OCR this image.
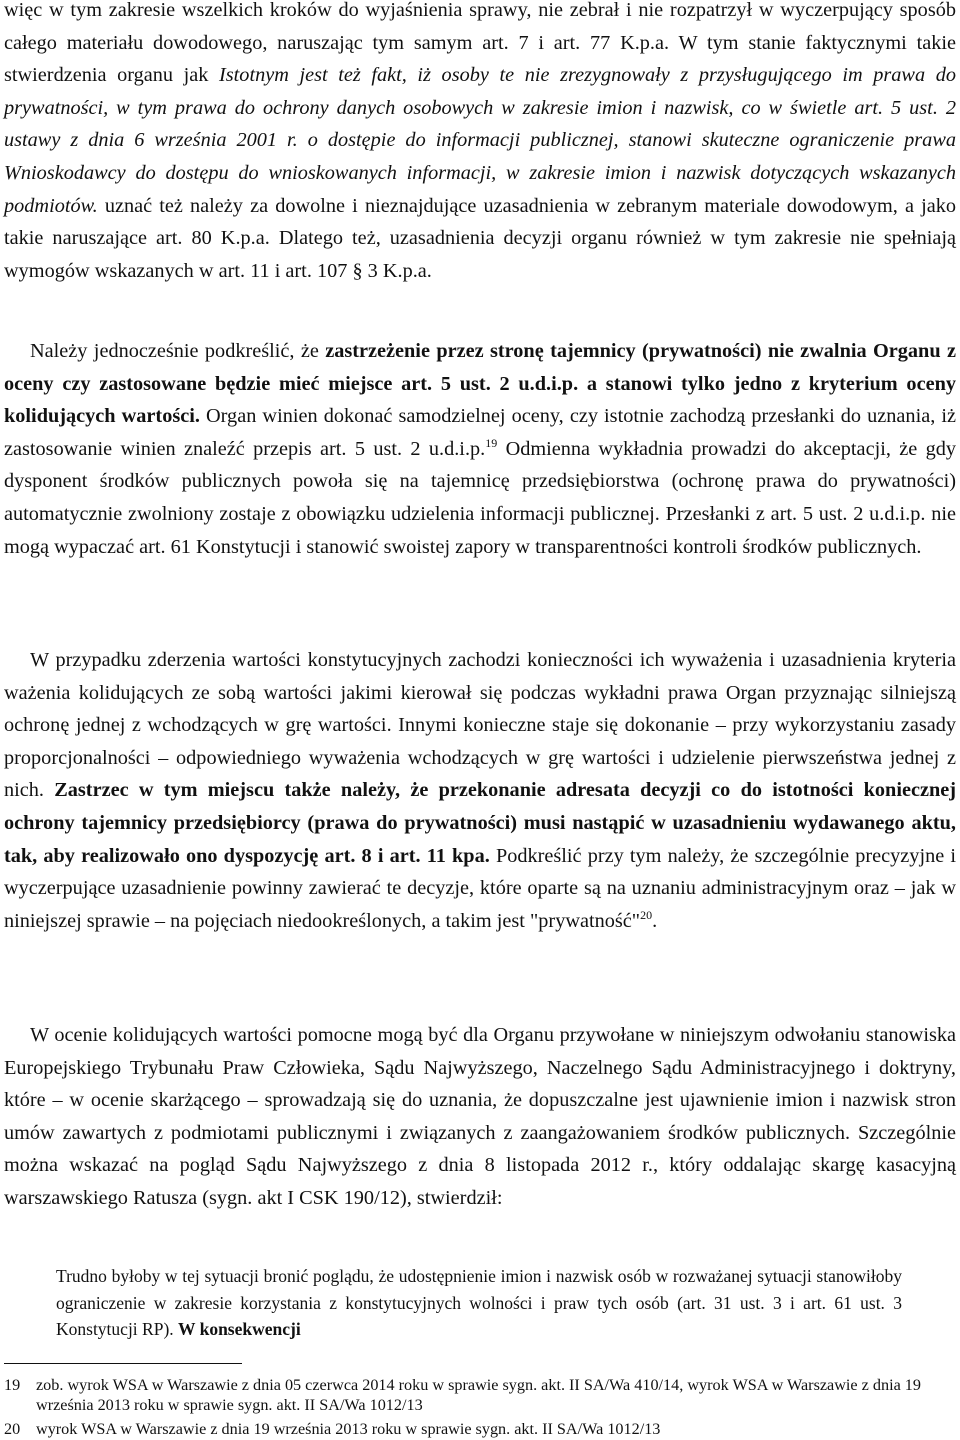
więc w tym zakresie wszelkich kroków do wyjaśnienia sprawy, nie zebrał i nie rozpatrzył w wyczerpujący sposób całego materiału dowodowego, naruszając tym samym art. 7 i art. 77 K.p.a. W tym stanie faktycznymi takie stwierdzenia organu jak Istotnym jest też fakt, iż osoby te nie zrezygnowały z przysługującego im prawa do prywatności, w tym prawa do ochrony danych osobowych w zakresie imion i nazwisk, co w świetle art. 5 ust. 2 ustawy z dnia 6 września 2001 r. o dostępie do informacji publicznej, stanowi skuteczne ograniczenie prawa Wnioskodawcy do dostępu do wnioskowanych informacji, w zakresie imion i nazwisk dotyczących wskazanych podmiotów. uznać też należy za dowolne i nieznajdujące uzasadnienia w zebranym materiale dowodowym, a jako takie naruszające art. 80 K.p.a. Dlatego też, uzasadnienia decyzji organu również w tym zakresie nie spełniają wymogów wskazanych w art. 11 i art. 107 § 3 K.p.a.

Należy jednocześnie podkreślić, że zastrzeżenie przez stronę tajemnicy (prywatności) nie zwalnia Organu z oceny czy zastosowane będzie mieć miejsce art. 5 ust. 2 u.d.i.p. a stanowi tylko jedno z kryterium oceny kolidujących wartości. Organ winien dokonać samodzielnej oceny, czy istotnie zachodzą przesłanki do uznania, iż zastosowanie winien znaleźć przepis art. 5 ust. 2 u.d.i.p.$^{19}$ Odmienna wykładnia prowadzi do akceptacji, że gdy dysponent środków publicznych powoła się na tajemnicę przedsiębiorstwa (ochronę prawa do prywatności) automatycznie zwolniony zostaje z obowiązku udzielenia informacji publicznej. Przesłanki z art. 5 ust. 2 u.d.i.p. nie mogą wypaczać art. 61 Konstytucji i stanowić swoistej zapory w transparentności kontroli środków publicznych.

W przypadku zderzenia wartości konstytucyjnych zachodzi konieczności ich wyważenia i uzasadnienia kryteria ważenia kolidujących ze sobą wartości jakimi kierował się podczas wykładni prawa Organ przyznając silniejszą ochronę jednej z wchodzących w grę wartości. Innymi konieczne staje się dokonanie – przy wykorzystaniu zasady proporcjonalności – odpowiedniego wyważenia wchodzących w grę wartości i udzielenie pierwszeństwa jednej z nich. Zastrzec w tym miejscu także należy, że przekonanie adresata decyzji co do istotności koniecznej ochrony tajemnicy przedsiębiorcy (prawa do prywatności) musi nastąpić w uzasadnieniu wydawanego aktu, tak, aby realizowało ono dyspozycję art. 8 i art. 11 kpa. Podkreślić przy tym należy, że szczególnie precyzyjne i wyczerpujące uzasadnienie powinny zawierać te decyzje, które oparte są na uznaniu administracyjnym oraz – jak w niniejszej sprawie – na pojęciach niedookreślonych, a takim jest "prywatność"$^{20}$.

W ocenie kolidujących wartości pomocne mogą być dla Organu przywołane w niniejszym odwołaniu stanowiska Europejskiego Trybunału Praw Człowieka, Sądu Najwyższego, Naczelnego Sądu Administracyjnego i doktryny, które – w ocenie skarżącego – sprowadzają się do uznania, że dopuszczalne jest ujawnienie imion i nazwisk stron umów zawartych z podmiotami publicznymi i związanych z zaangażowaniem środków publicznych. Szczególnie można wskazać na pogląd Sądu Najwyższego z dnia 8 listopada 2012 r., który oddalając skargę kasacyjną warszawskiego Ratusza (sygn. akt I CSK 190/12), stwierdził:

Trudno byłoby w tej sytuacji bronić poglądu, że udostępnienie imion i nazwisk osób w rozważanej sytuacji stanowiłoby ograniczenie w zakresie korzystania z konstytucyjnych wolności i praw tych osób (art. 31 ust. 3 i art. 61 ust. 3 Konstytucji RP). W konsekwencji

19 zob. wyrok WSA w Warszawie z dnia 05 czerwca 2014 roku w sprawie sygn. akt. II SA/Wa 410/14, wyrok WSA w Warszawie z dnia 19 września 2013 roku w sprawie sygn. akt. II SA/Wa 1012/13

20 wyrok WSA w Warszawie z dnia 19 września 2013 roku w sprawie sygn. akt. II SA/Wa 1012/13
